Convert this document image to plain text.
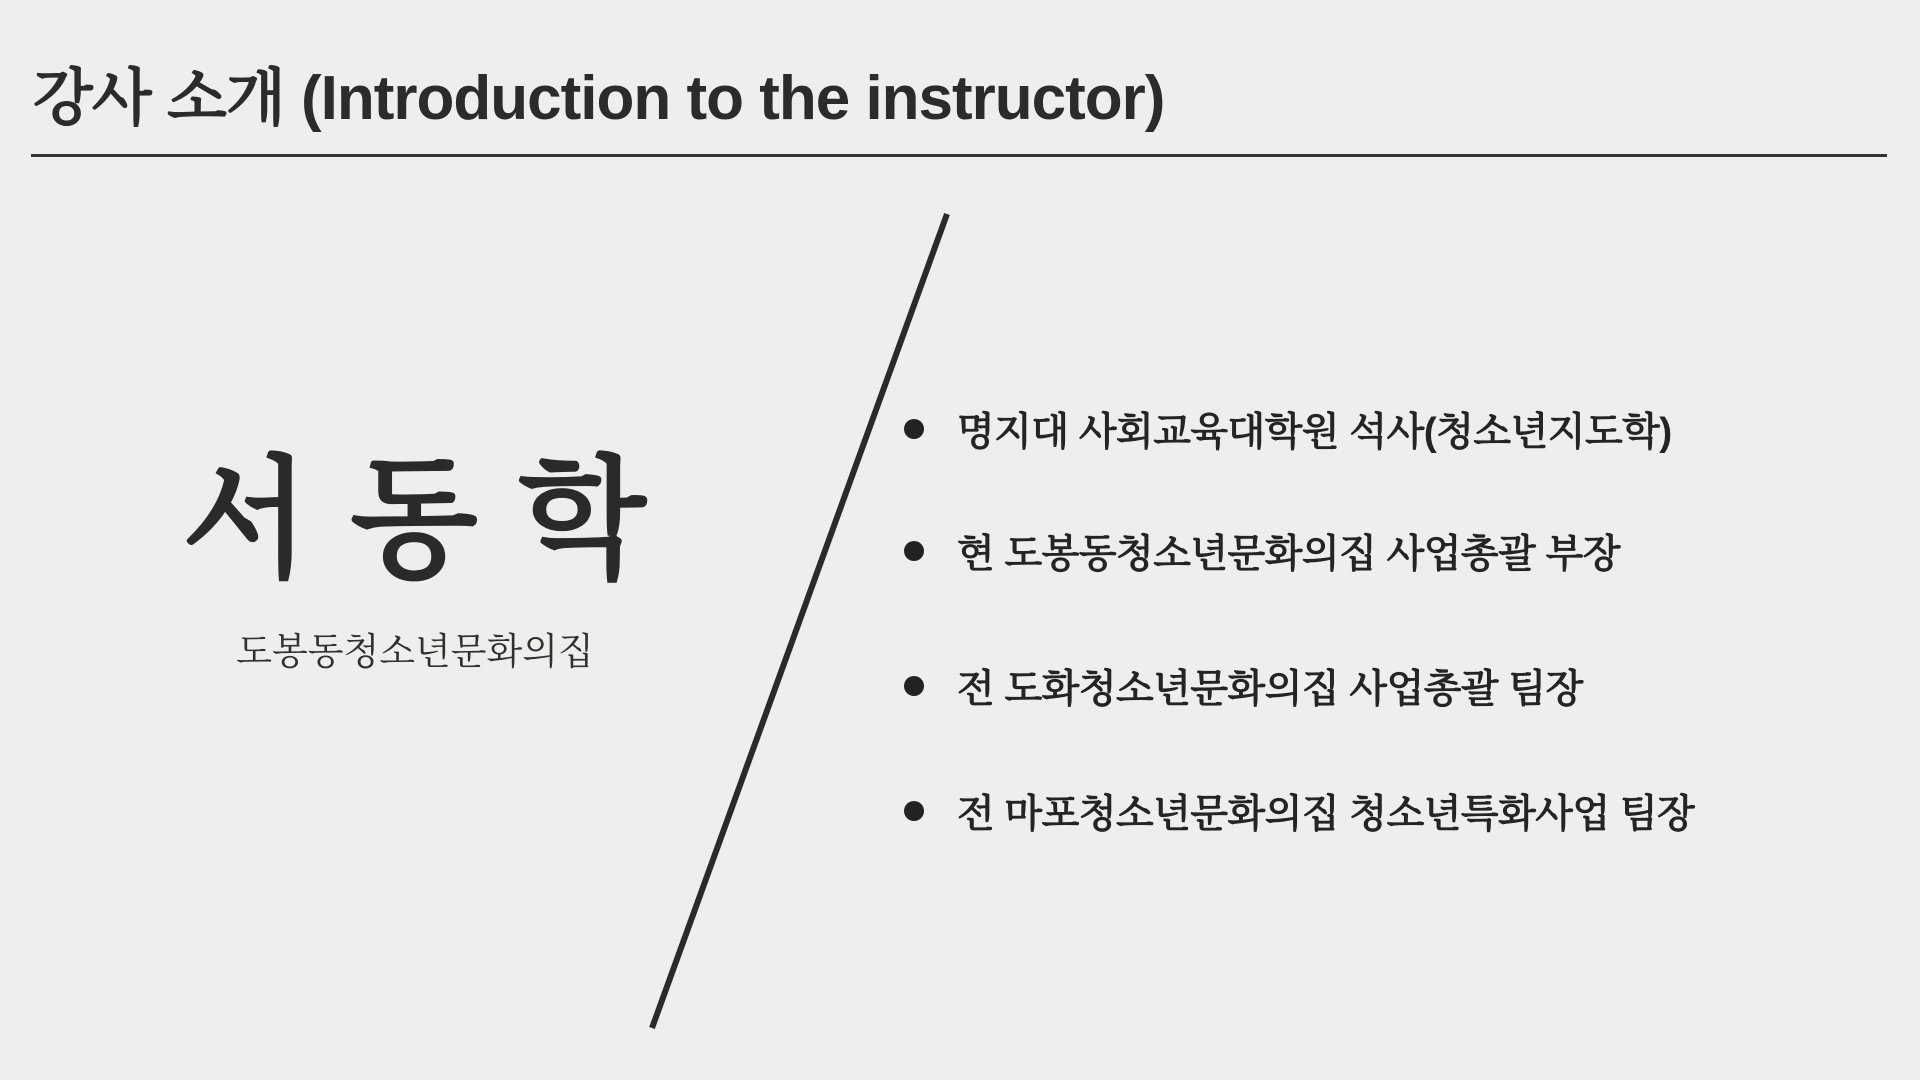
강사 소개 (Introduction to the instructor)
서 동 학
도봉동청소년문화의집
명지대 사회교육대학원 석사(청소년지도학)
현 도봉동청소년문화의집 사업총괄 부장
전 도화청소년문화의집 사업총괄 팀장
전 마포청소년문화의집 청소년특화사업 팀장
